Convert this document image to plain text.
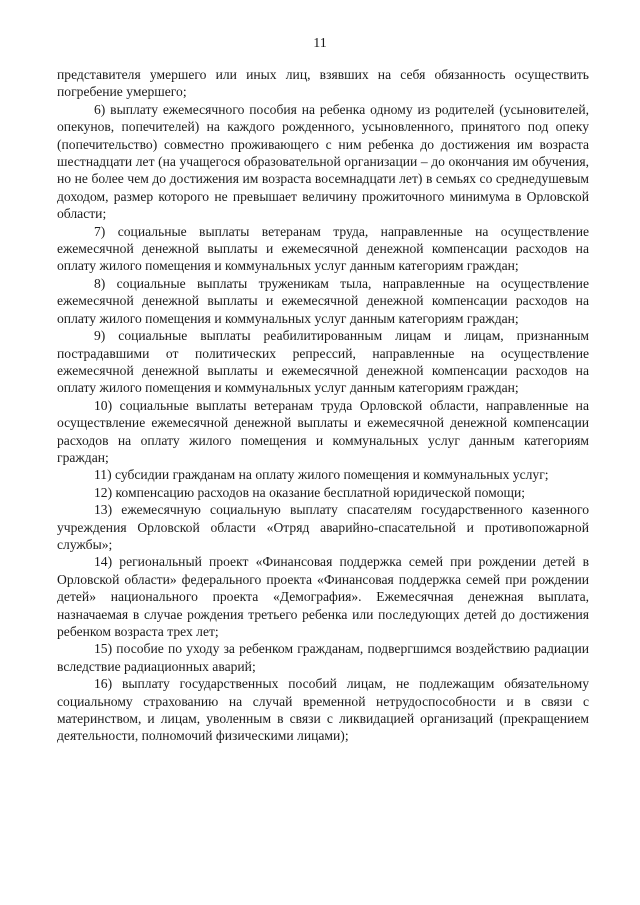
11

представителя умершего или иных лиц, взявших на себя обязанность осуществить погребение умершего;

6) выплату ежемесячного пособия на ребенка одному из родителей (усыновителей, опекунов, попечителей) на каждого рожденного, усыновленного, принятого под опеку (попечительство) совместно проживающего с ним ребенка до достижения им возраста шестнадцати лет (на учащегося образовательной организации – до окончания им обучения, но не более чем до достижения им возраста восемнадцати лет) в семьях со среднедушевым доходом, размер которого не превышает величину прожиточного минимума в Орловской области;

7) социальные выплаты ветеранам труда, направленные на осуществление ежемесячной денежной выплаты и ежемесячной денежной компенсации расходов на оплату жилого помещения и коммунальных услуг данным категориям граждан;

8) социальные выплаты труженикам тыла, направленные на осуществление ежемесячной денежной выплаты и ежемесячной денежной компенсации расходов на оплату жилого помещения и коммунальных услуг данным категориям граждан;

9) социальные выплаты реабилитированным лицам и лицам, признанным пострадавшими от политических репрессий, направленные на осуществление ежемесячной денежной выплаты и ежемесячной денежной компенсации расходов на оплату жилого помещения и коммунальных услуг данным категориям граждан;

10) социальные выплаты ветеранам труда Орловской области, направленные на осуществление ежемесячной денежной выплаты и ежемесячной денежной компенсации расходов на оплату жилого помещения и коммунальных услуг данным категориям граждан;

11) субсидии гражданам на оплату жилого помещения и коммунальных услуг;

12) компенсацию расходов на оказание бесплатной юридической помощи;

13) ежемесячную социальную выплату спасателям государственного казенного учреждения Орловской области «Отряд аварийно-спасательной и противопожарной службы»;

14) региональный проект «Финансовая поддержка семей при рождении детей в Орловской области» федерального проекта «Финансовая поддержка семей при рождении детей» национального проекта «Демография». Ежемесячная денежная выплата, назначаемая в случае рождения третьего ребенка или последующих детей до достижения ребенком возраста трех лет;

15) пособие по уходу за ребенком гражданам, подвергшимся воздействию радиации вследствие радиационных аварий;

16) выплату государственных пособий лицам, не подлежащим обязательному социальному страхованию на случай временной нетрудоспособности и в связи с материнством, и лицам, уволенным в связи с ликвидацией организаций (прекращением деятельности, полномочий физическими лицами);
